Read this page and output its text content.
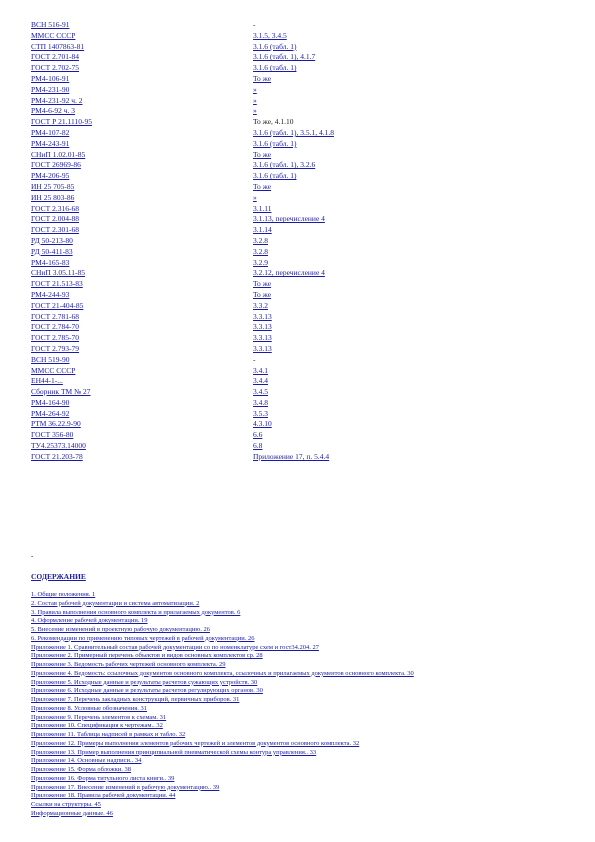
ВСН 516-91	-
ММСС СССР	3.1.5, 3.4.5
СТП 1407863-81	3.1.6 (табл. 1)
ГОСТ 2.701-84	3.1.6 (табл. 1), 4.1.7
ГОСТ 2.702-75	3.1.6 (табл. 1)
РМ4-106-91	То же
РМ4-231-90	»
РМ4-231-92 ч. 2	»
РМ4-6-92 ч. 3	»
ГОСТ Р 21.1110-95	То же, 4.1.10
РМ4-107-82	3.1.6 (табл. 1), 3.5.1, 4.1.8
РМ4-243-91	3.1.6 (табл. 1)
СНиП 1.02.01-85	То же
ГОСТ 26969-86	3.1.6 (табл. 1), 3.2.6
РМ4-206-95	3.1.6 (табл. 1)
ИН 25 705-85	То же
ИН 25 803-86	»
ГОСТ 2.316-68	3.1.11
ГОСТ 2.004-88	3.1.13, перечисление 4
ГОСТ 2.301-68	3.1.14
РД 50-213-80	3.2.8
РД 50-411-83	3.2.8
РМ4-165-83	3.2.9
СНиП 3.05.11-85	3.2.12, перечисление 4
ГОСТ 21.513-83	То же
РМ4-244-93	То же
ГОСТ 21-404-85	3.3.2
ГОСТ 2.781-68	3.3.13
ГОСТ 2.784-70	3.3.13
ГОСТ 2.785-70	3.3.13
ГОСТ 2.793-79	3.3.13
ВСН 519-90	-
ММСС СССР	3.4.1
ЕН44-1-...	3.4.4
Сборник ТМ № 27	3.4.5
РМ4-164-90	3.4.8
РМ4-264-92	3.5.3
РТМ 36.22.9-90	4.3.10
ГОСТ 356-80	6.6
ТУ4.25373.14000	6.8
ГОСТ 21.203-78	Приложение 17, п. 5.4.4
-
СОДЕРЖАНИЕ
1. Общие положения. 1
2. Состав рабочей документации и система автоматизации. 2
3. Правила выполнения основного комплекта и прилагаемых документов. 6
4. Оформление рабочей документации. 19
5. Внесение изменений в проектную рабочую документацию. 26
6. Рекомендации по применению типовых чертежей в рабочей документации. 26
Приложение 1. Сравнительный состав рабочей документации со по номенклатуре схем и гост34.204. 27
Приложение 2. Примерный перечень объектов и видов основных комплектов ср. 28
Приложение 3. Ведомость рабочих чертежей основного комплекта. 29
Приложение 4. Ведомость: ссылочных документов основного комплекта, ссылочных и прилагаемых документов основного комплекта. 30
Приложение 5. Исходные данные и результаты расчетов сужающих устройств. 30
Приложение 6. Исходные данные и результаты расчетов регулирующих органов. 30
Приложение 7. Перечень закладных конструкций, первичных приборов. 31
Приложение 8. Условные обозначения. 31
Приложение 9. Перечень элементов к схемам. 31
Приложение 10. Спецификация к чертежам.. 32
Приложение 11. Таблица надписей в рамках и табло. 32
Приложение 12. Примеры выполнения элементов рабочих чертежей и элементов документов основного комплекта. 32
Приложение 13. Пример выполнения принципиальной пневматической схемы контура управления.. 33
Приложение 14. Основные надписи.. 34
Приложение 15. Форма обложки. 38
Приложение 16. Форма титульного листа книги.. 39
Приложение 17. Внесение изменений в рабочую документацию.. 39
Приложение 18. Правила рабочей документации. 44
Ссылки на структуры. 45
Информационные данные. 46
